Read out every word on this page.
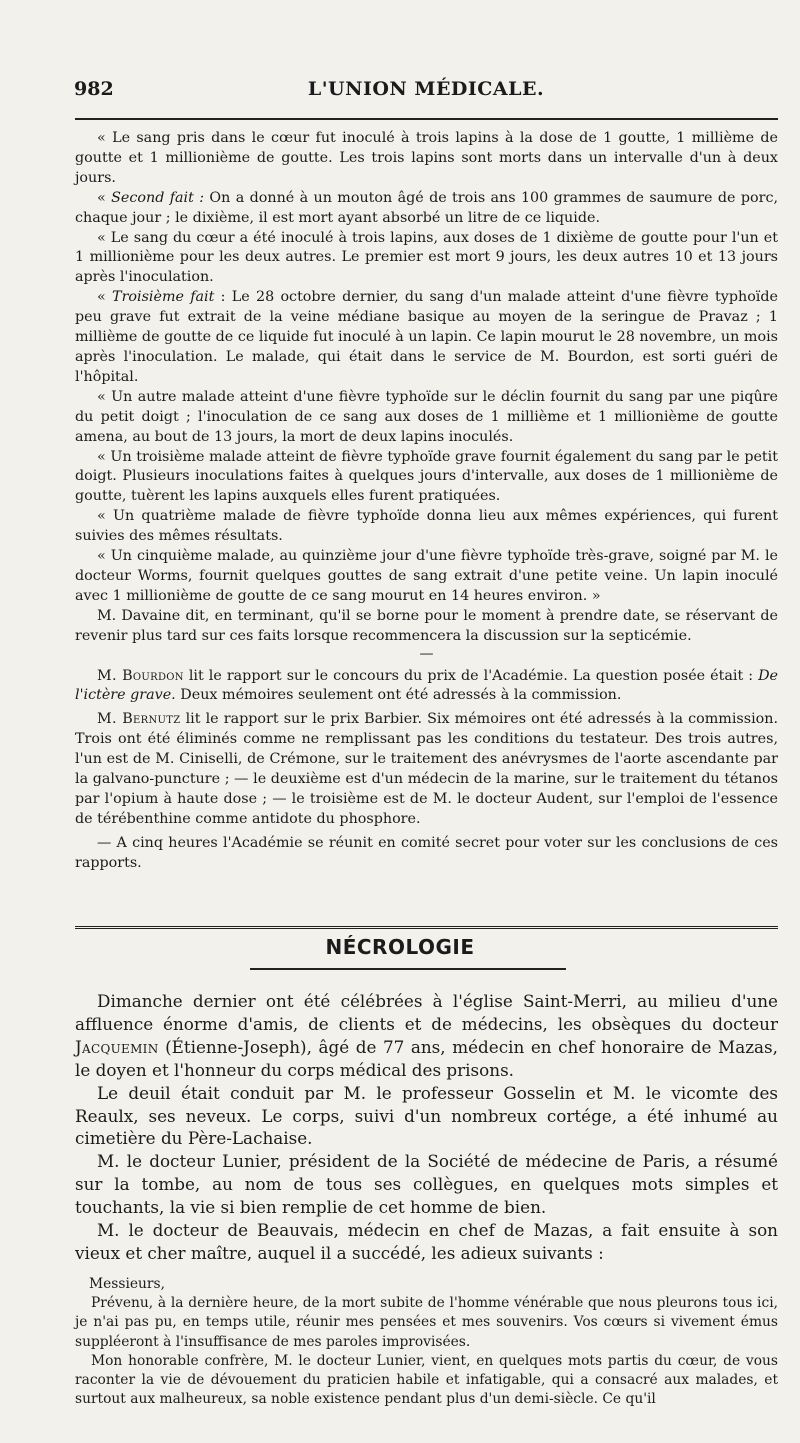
982	L'UNION MÉDICALE.

« Le sang pris dans le cœur fut inoculé à trois lapins à la dose de 1 goutte, 1 millième de goutte et 1 millionième de goutte. Les trois lapins sont morts dans un intervalle d'un à deux jours.

« Second fait : On a donné à un mouton âgé de trois ans 100 grammes de saumure de porc, chaque jour ; le dixième, il est mort ayant absorbé un litre de ce liquide.

« Le sang du cœur a été inoculé à trois lapins, aux doses de 1 dixième de goutte pour l'un et 1 millionième pour les deux autres. Le premier est mort 9 jours, les deux autres 10 et 13 jours après l'inoculation.

« Troisième fait : Le 28 octobre dernier, du sang d'un malade atteint d'une fièvre typhoïde peu grave fut extrait de la veine médiane basique au moyen de la seringue de Pravaz ; 1 millième de goutte de ce liquide fut inoculé à un lapin. Ce lapin mourut le 28 novembre, un mois après l'inoculation. Le malade, qui était dans le service de M. Bourdon, est sorti guéri de l'hôpital.

« Un autre malade atteint d'une fièvre typhoïde sur le déclin fournit du sang par une piqûre du petit doigt ; l'inoculation de ce sang aux doses de 1 millième et 1 millionième de goutte amena, au bout de 13 jours, la mort de deux lapins inoculés.

« Un troisième malade atteint de fièvre typhoïde grave fournit également du sang par le petit doigt. Plusieurs inoculations faites à quelques jours d'intervalle, aux doses de 1 millionième de goutte, tuèrent les lapins auxquels elles furent pratiquées.

« Un quatrième malade de fièvre typhoïde donna lieu aux mêmes expériences, qui furent suivies des mêmes résultats.

« Un cinquième malade, au quinzième jour d'une fièvre typhoïde très-grave, soigné par M. le docteur Worms, fournit quelques gouttes de sang extrait d'une petite veine. Un lapin inoculé avec 1 millionième de goutte de ce sang mourut en 14 heures environ. »

M. Davaine dit, en terminant, qu'il se borne pour le moment à prendre date, se réservant de revenir plus tard sur ces faits lorsque recommencera la discussion sur la septicémie.

—

M. Bourdon lit le rapport sur le concours du prix de l'Académie. La question posée était : De l'ictère grave. Deux mémoires seulement ont été adressés à la commission.

M. Bernutz lit le rapport sur le prix Barbier. Six mémoires ont été adressés à la commission. Trois ont été éliminés comme ne remplissant pas les conditions du testateur. Des trois autres, l'un est de M. Ciniselli, de Crémone, sur le traitement des anévrysmes de l'aorte ascendante par la galvano-puncture ; — le deuxième est d'un médecin de la marine, sur le traitement du tétanos par l'opium à haute dose ; — le troisième est de M. le docteur Audent, sur l'emploi de l'essence de térébenthine comme antidote du phosphore.

— A cinq heures l'Académie se réunit en comité secret pour voter sur les conclusions de ces rapports.

NÉCROLOGIE

Dimanche dernier ont été célébrées à l'église Saint-Merri, au milieu d'une affluence énorme d'amis, de clients et de médecins, les obsèques du docteur Jacquemin (Étienne-Joseph), âgé de 77 ans, médecin en chef honoraire de Mazas, le doyen et l'honneur du corps médical des prisons.

Le deuil était conduit par M. le professeur Gosselin et M. le vicomte des Reaulx, ses neveux. Le corps, suivi d'un nombreux cortége, a été inhumé au cimetière du Père-Lachaise.

M. le docteur Lunier, président de la Société de médecine de Paris, a résumé sur la tombe, au nom de tous ses collègues, en quelques mots simples et touchants, la vie si bien remplie de cet homme de bien.

M. le docteur de Beauvais, médecin en chef de Mazas, a fait ensuite à son vieux et cher maître, auquel il a succédé, les adieux suivants :

Messieurs,

Prévenu, à la dernière heure, de la mort subite de l'homme vénérable que nous pleurons tous ici, je n'ai pas pu, en temps utile, réunir mes pensées et mes souvenirs. Vos cœurs si vivement émus suppléeront à l'insuffisance de mes paroles improvisées.

Mon honorable confrère, M. le docteur Lunier, vient, en quelques mots partis du cœur, de vous raconter la vie de dévouement du praticien habile et infatigable, qui a consacré aux malades, et surtout aux malheureux, sa noble existence pendant plus d'un demi-siècle. Ce qu'il
